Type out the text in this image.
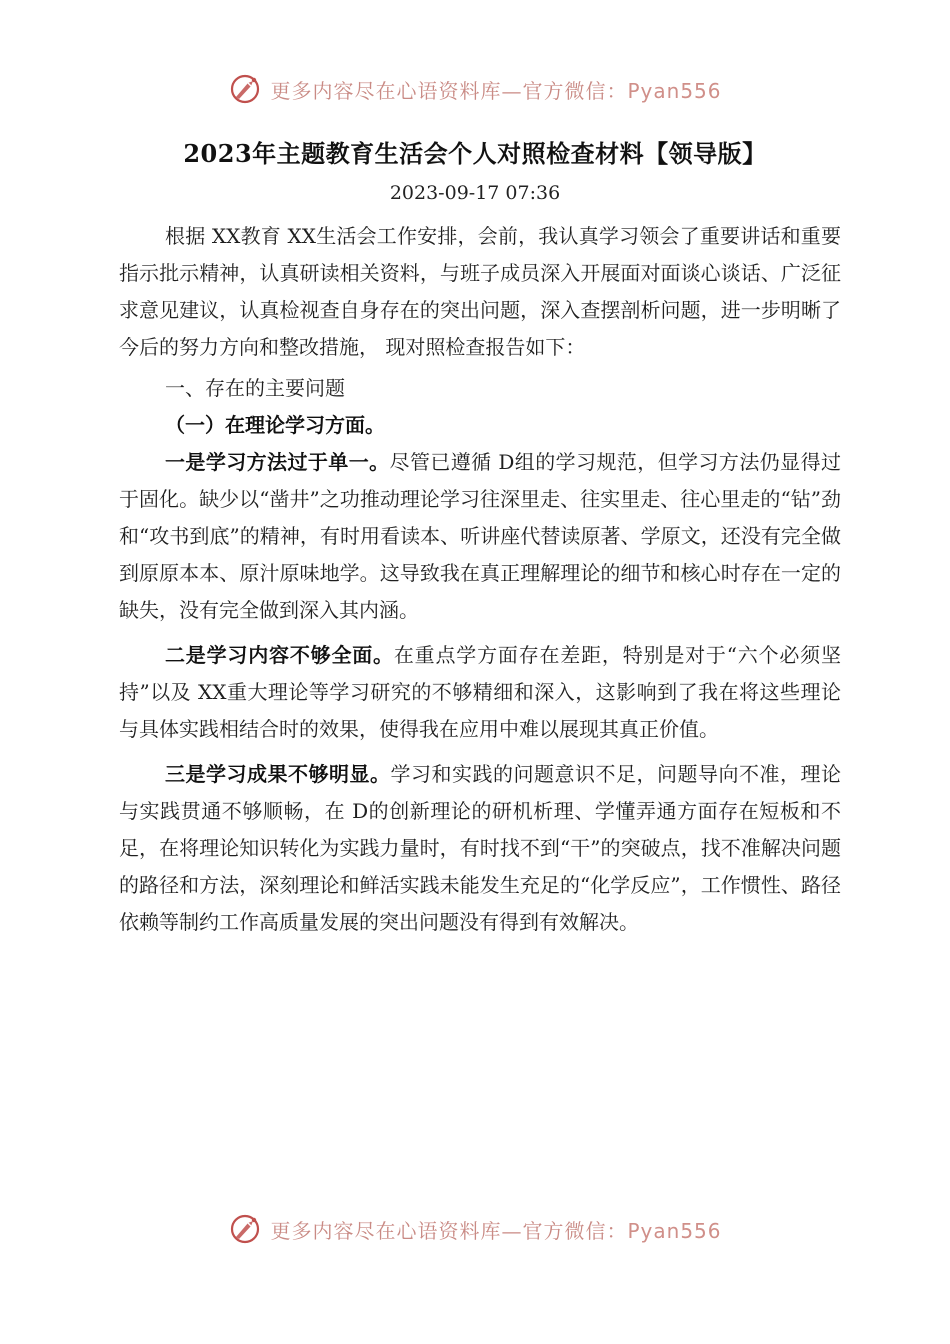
更多内容尽在心语资料库—官方微信：Pyan556
2023年主题教育生活会个人对照检查材料【领导版】
2023-09-17 07:36

根据 XX教育 XX生活会工作安排，会前，我认真学习领会了重要讲话和重要指示批示精神，认真研读相关资料，与班子成员深入开展面对面谈心谈话、广泛征求意见建议，认真检视查自身存在的突出问题，深入查摆剖析问题，进一步明晰了今后的努力方向和整改措施， 现对照检查报告如下：

一、存在的主要问题

（一）在理论学习方面。

一是学习方法过于单一。尽管已遵循 D组的学习规范，但学习方法仍显得过于固化。缺少以“凿井”之功推动理论学习往深里走、往实里走、往心里走的“钻”劲和“攻书到底”的精神，有时用看读本、听讲座代替读原著、学原文，还没有完全做到原原本本、原汁原味地学。这导致我在真正理解理论的细节和核心时存在一定的缺失，没有完全做到深入其内涵。

二是学习内容不够全面。在重点学方面存在差距，特别是对于“六个必须坚持”以及 XX重大理论等学习研究的不够精细和深入，这影响到了我在将这些理论与具体实践相结合时的效果，使得我在应用中难以展现其真正价值。

三是学习成果不够明显。学习和实践的问题意识不足，问题导向不准，理论与实践贯通不够顺畅，在 D的创新理论的研机析理、学懂弄通方面存在短板和不足，在将理论知识转化为实践力量时，有时找不到“干”的突破点，找不准解决问题的路径和方法，深刻理论和鲜活实践未能发生充足的“化学反应”，工作惯性、路径依赖等制约工作高质量发展的突出问题没有得到有效解决。

更多内容尽在心语资料库—官方微信：Pyan556
